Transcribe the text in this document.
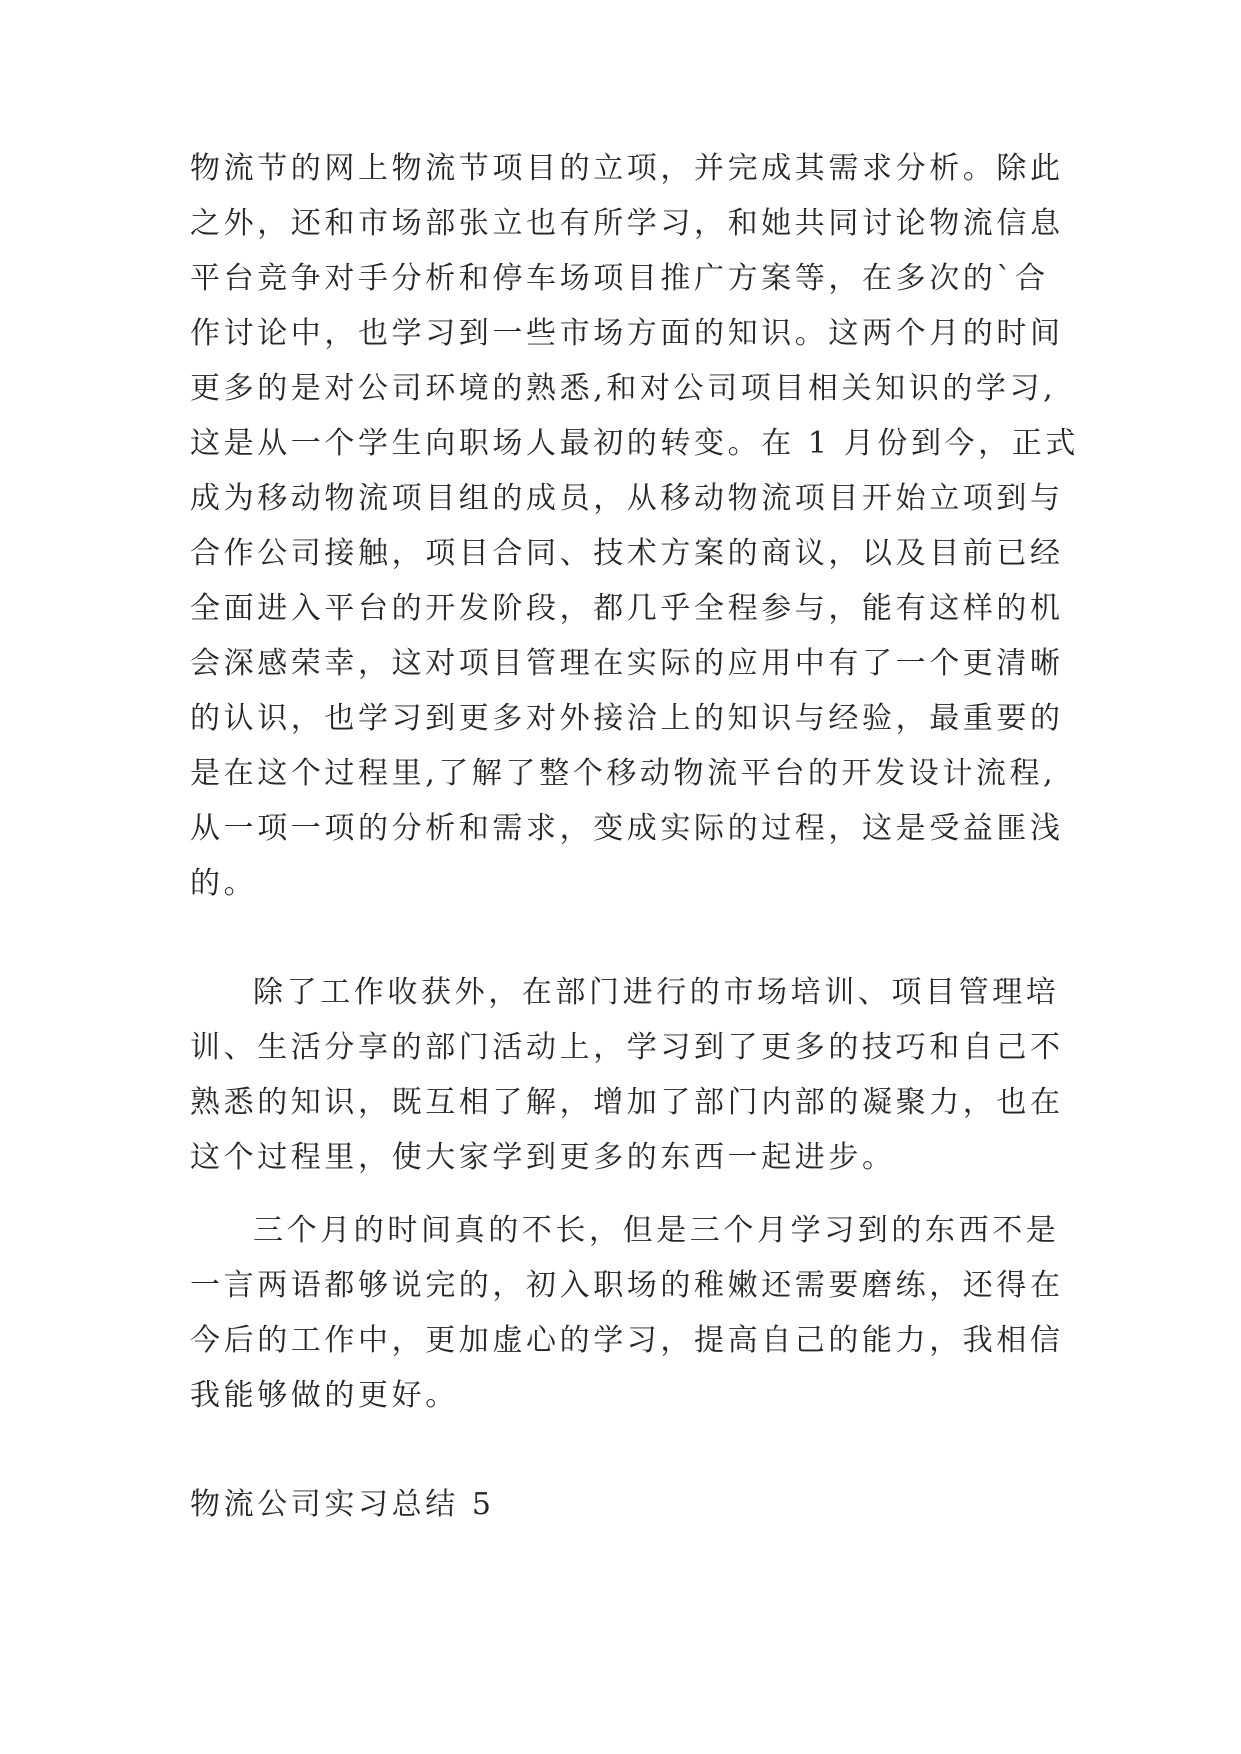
物流节的网上物流节项目的立项，并完成其需求分析。除此
之外，还和市场部张立也有所学习，和她共同讨论物流信息
平台竞争对手分析和停车场项目推广方案等，在多次的`合
作讨论中，也学习到一些市场方面的知识。这两个月的时间
更多的是对公司环境的熟悉,和对公司项目相关知识的学习,
这是从一个学生向职场人最初的转变。在 1 月份到今，正式
成为移动物流项目组的成员，从移动物流项目开始立项到与
合作公司接触，项目合同、技术方案的商议，以及目前已经
全面进入平台的开发阶段，都几乎全程参与，能有这样的机
会深感荣幸，这对项目管理在实际的应用中有了一个更清晰
的认识，也学习到更多对外接洽上的知识与经验，最重要的
是在这个过程里,了解了整个移动物流平台的开发设计流程,
从一项一项的分析和需求，变成实际的过程，这是受益匪浅
的。
除了工作收获外，在部门进行的市场培训、项目管理培
训、生活分享的部门活动上，学习到了更多的技巧和自己不
熟悉的知识，既互相了解，增加了部门内部的凝聚力，也在
这个过程里，使大家学到更多的东西一起进步。
三个月的时间真的不长，但是三个月学习到的东西不是
一言两语都够说完的，初入职场的稚嫩还需要磨练，还得在
今后的工作中，更加虚心的学习，提高自己的能力，我相信
我能够做的更好。
物流公司实习总结 5
